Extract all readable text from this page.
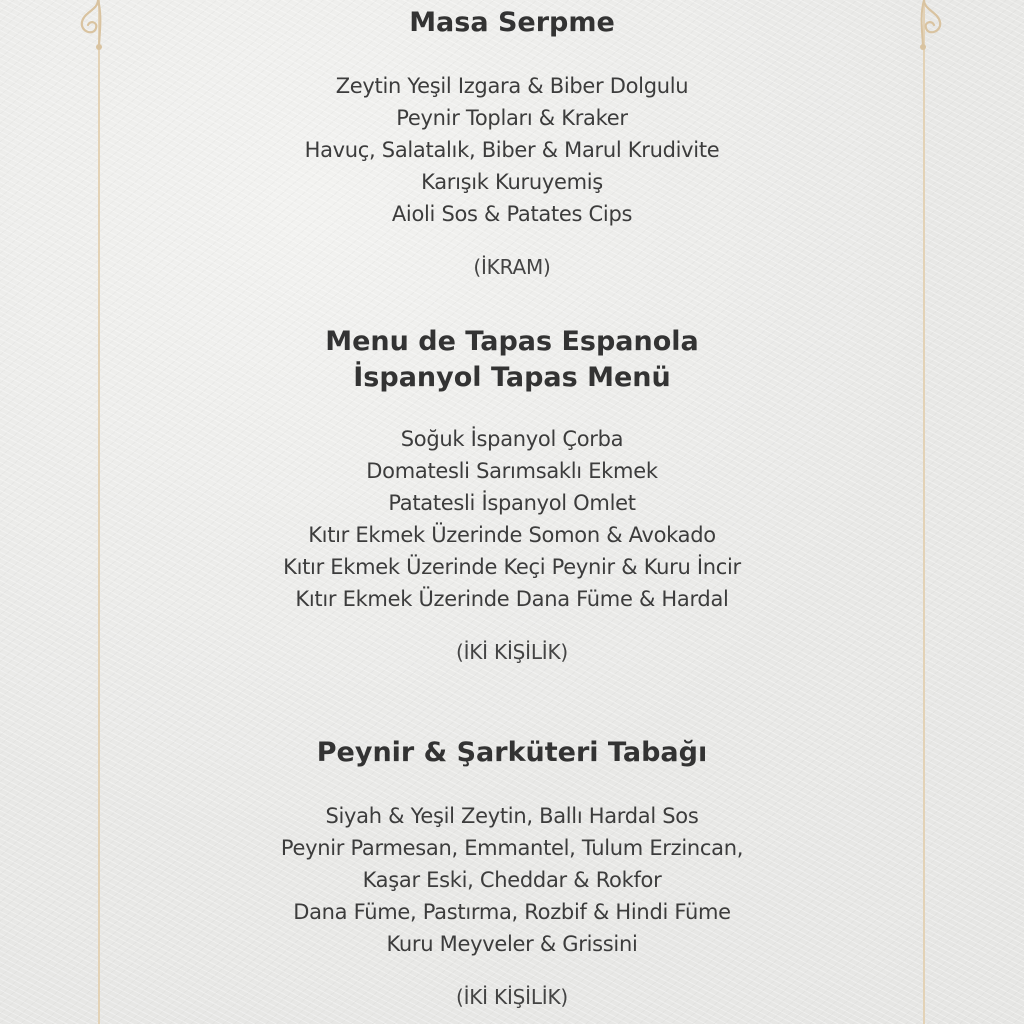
Masa Serpme
Zeytin Yeşil Izgara & Biber Dolgulu
Peynir Topları & Kraker
Havuç, Salatalık, Biber & Marul Krudivite
Karışık Kuruyemiş
Aioli Sos & Patates Cips
(İKRAM)
Menu de Tapas Espanola
İspanyol Tapas Menü
Soğuk İspanyol Çorba
Domatesli Sarımsaklı Ekmek
Patatesli İspanyol Omlet
Kıtır Ekmek Üzerinde Somon & Avokado
Kıtır Ekmek Üzerinde Keçi Peynir & Kuru İncir
Kıtır Ekmek Üzerinde Dana Füme & Hardal
(İKİ KİŞİLİK)
Peynir & Şarküteri Tabağı
Siyah & Yeşil Zeytin, Ballı Hardal Sos
Peynir Parmesan, Emmantel, Tulum Erzincan,
Kaşar Eski, Cheddar & Rokfor
Dana Füme, Pastırma, Rozbif & Hindi Füme
Kuru Meyveler & Grissini
(İKİ KİŞİLİK)
